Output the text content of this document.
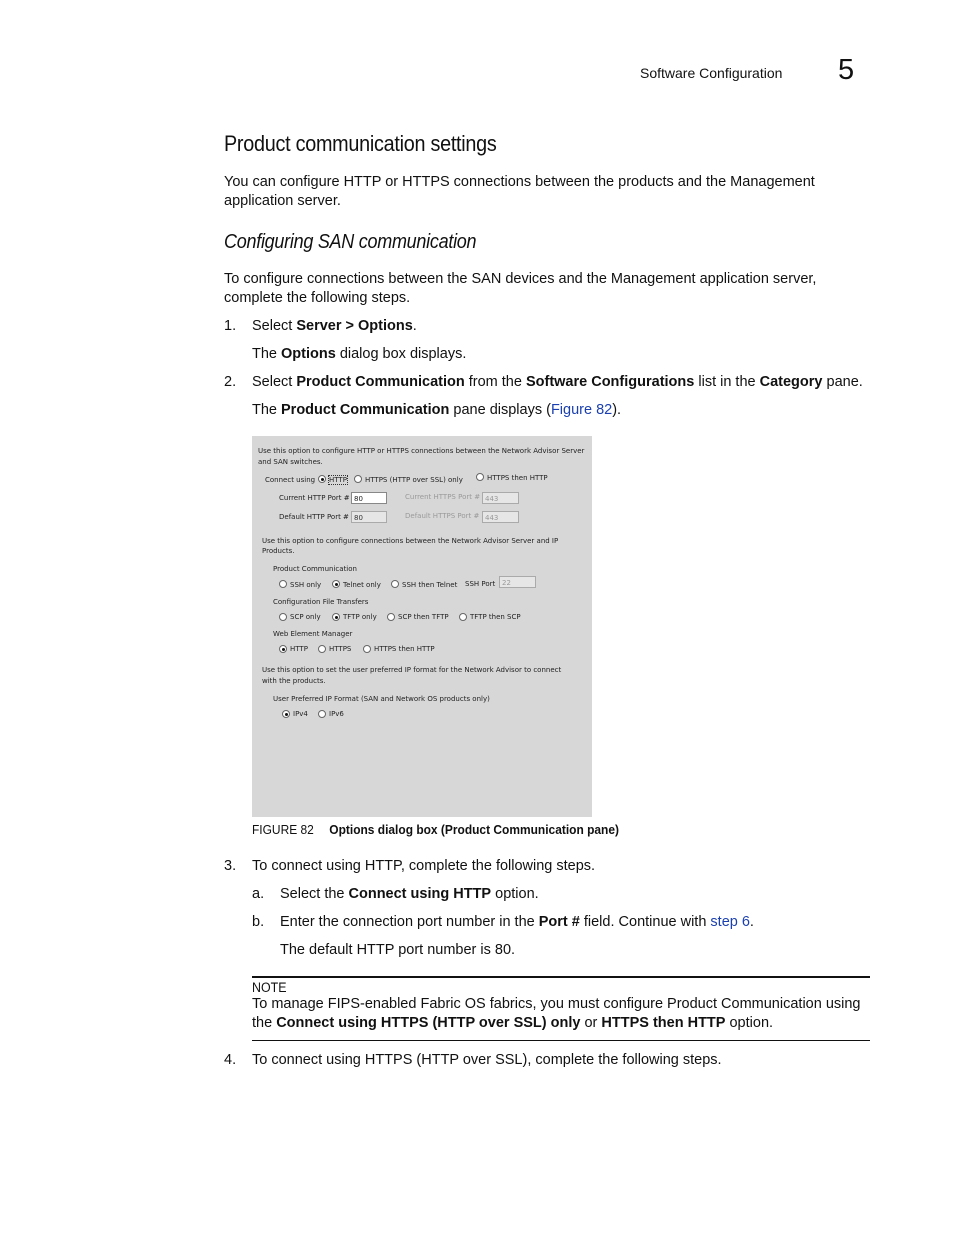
Software Configuration 5
Product communication settings
You can configure HTTP or HTTPS connections between the products and the Management application server.
Configuring SAN communication
To configure connections between the SAN devices and the Management application server, complete the following steps.
1. Select Server > Options.
The Options dialog box displays.
2. Select Product Communication from the Software Configurations list in the Category pane.
The Product Communication pane displays (Figure 82).
Use this option to configure HTTP or HTTPS connections between the Network Advisor Server
and SAN switches.
Connect using HTTP	HTTPS (HTTP over SSL) only	HTTPS then HTTP
Current HTTP Port # 80	Current HTTPS Port # 443
Default HTTP Port # 80	Default HTTPS Port # 443
Use this option to configure connections between the Network Advisor Server and IP
Products.
Product Communication
SSH only	Telnet only	SSH then Telnet SSH Port 22
Configuration File Transfers
SCP only	TFTP only	SCP then TFTP	TFTP then SCP
Web Element Manager
HTTP	HTTPS	HTTPS then HTTP
Use this option to set the user preferred IP format for the Network Advisor to connect
with the products.
User Preferred IP Format (SAN and Network OS products only)
IPv4	IPv6
FIGURE 82 Options dialog box (Product Communication pane)
3. To connect using HTTP, complete the following steps.
a. Select the Connect using HTTP option.
b. Enter the connection port number in the Port # field. Continue with step 6.
The default HTTP port number is 80.
NOTE
To manage FIPS-enabled Fabric OS fabrics, you must configure Product Communication using the Connect using HTTPS (HTTP over SSL) only or HTTPS then HTTP option.
4. To connect using HTTPS (HTTP over SSL), complete the following steps.
